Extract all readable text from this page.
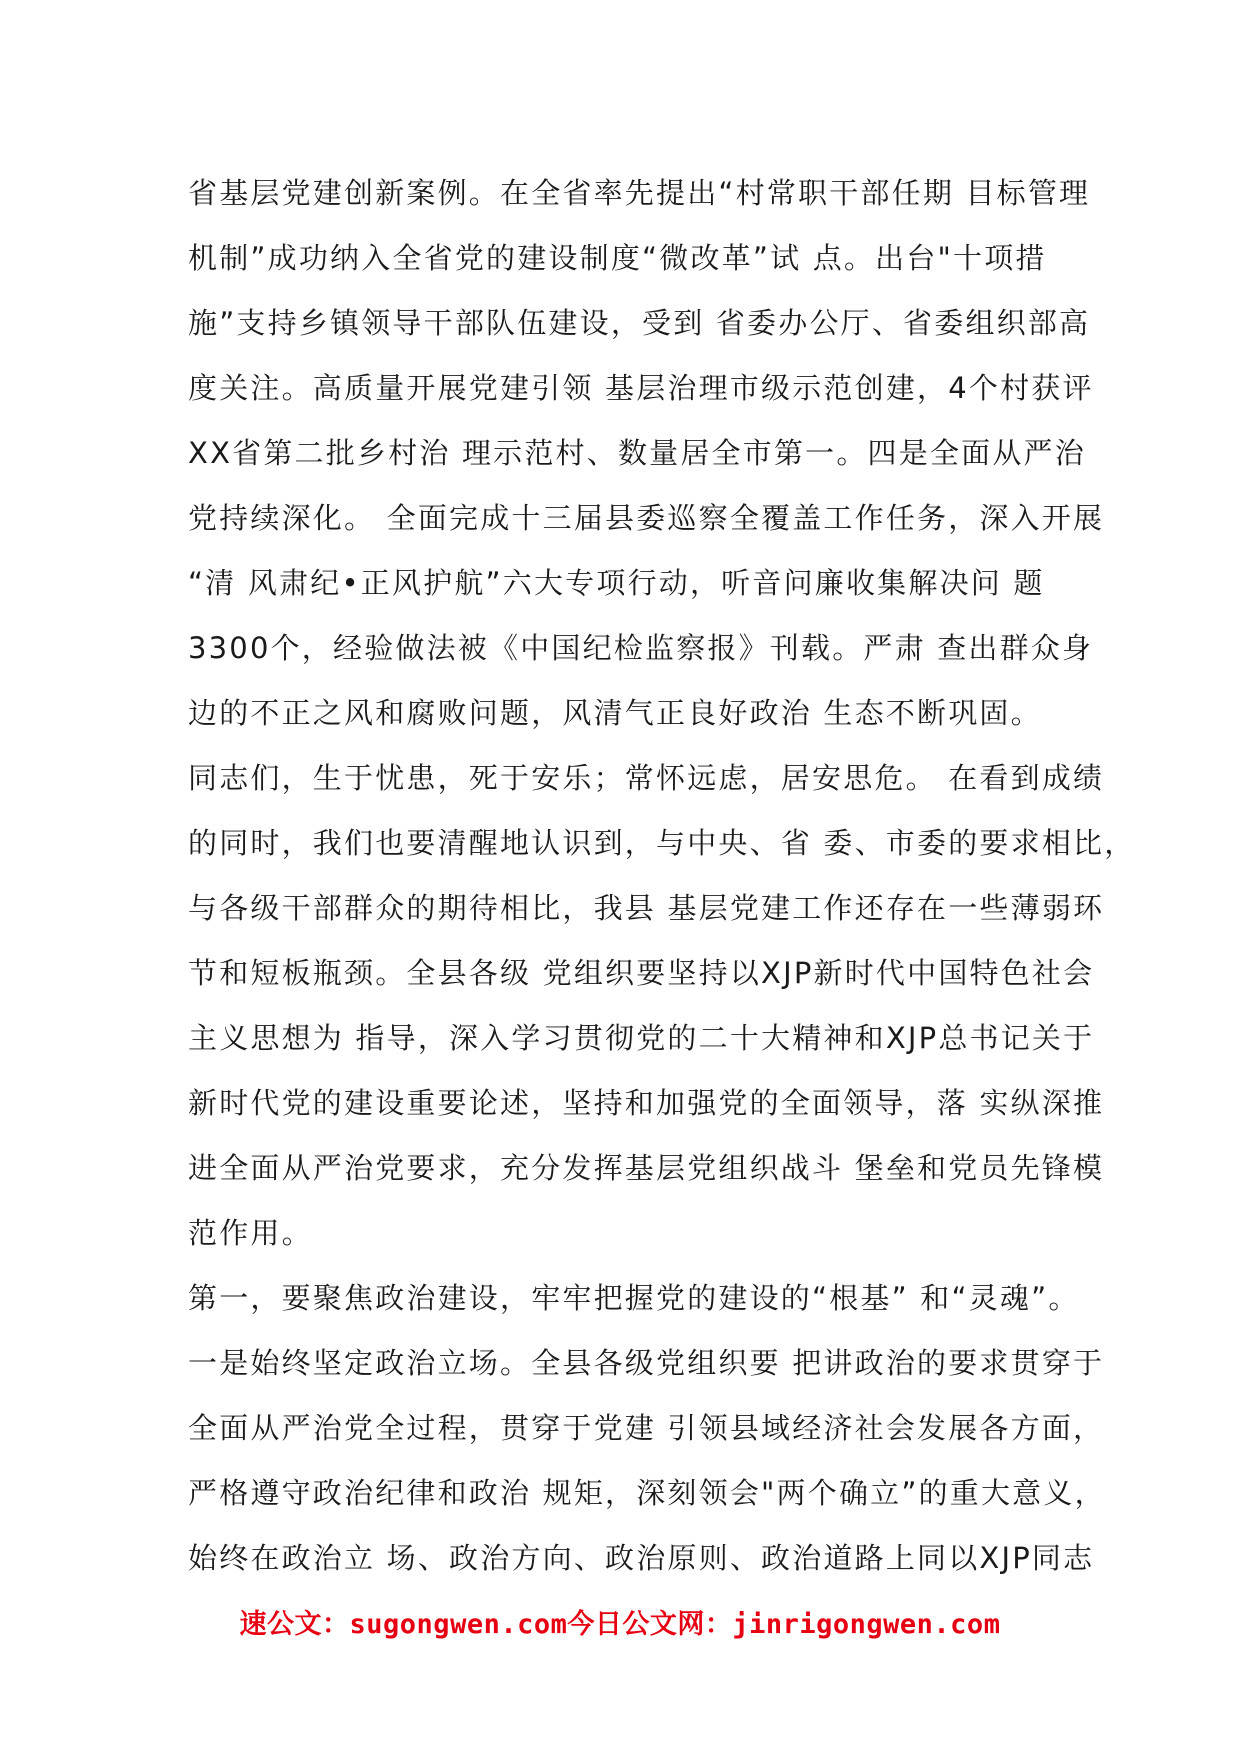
省基层党建创新案例。在全省率先提出“村常职干部任期 目标管理
机制”成功纳入全省党的建设制度“微改革”试 点。出台"十项措
施”支持乡镇领导干部队伍建设，受到 省委办公厅、省委组织部高
度关注。高质量开展党建引领 基层治理市级示范创建，4个村获评
XX省第二批乡村治 理示范村、数量居全市第一。四是全面从严治
党持续深化。 全面完成十三届县委巡察全覆盖工作任务，深入开展
“清 风肃纪•正风护航”六大专项行动，听音问廉收集解决问 题
3300个，经验做法被《中国纪检监察报》刊载。严肃 查出群众身
边的不正之风和腐败问题，风清气正良好政治 生态不断巩固。
同志们，生于忧患，死于安乐；常怀远虑，居安思危。 在看到成绩
的同时，我们也要清醒地认识到，与中央、省 委、市委的要求相比，
与各级干部群众的期待相比，我县 基层党建工作还存在一些薄弱环
节和短板瓶颈。全县各级 党组织要坚持以XJP新时代中国特色社会
主义思想为 指导，深入学习贯彻党的二十大精神和XJP总书记关于
新时代党的建设重要论述，坚持和加强党的全面领导，落 实纵深推
进全面从严治党要求，充分发挥基层党组织战斗 堡垒和党员先锋模
范作用。
第一，要聚焦政治建设，牢牢把握党的建设的“根基” 和“灵魂”。
一是始终坚定政治立场。全县各级党组织要 把讲政治的要求贯穿于
全面从严治党全过程，贯穿于党建 引领县域经济社会发展各方面，
严格遵守政治纪律和政治 规矩，深刻领会"两个确立”的重大意义，
始终在政治立 场、政治方向、政治原则、政治道路上同以XJP同志
速公文：sugongwen.com今日公文网：jinrigongwen.com
